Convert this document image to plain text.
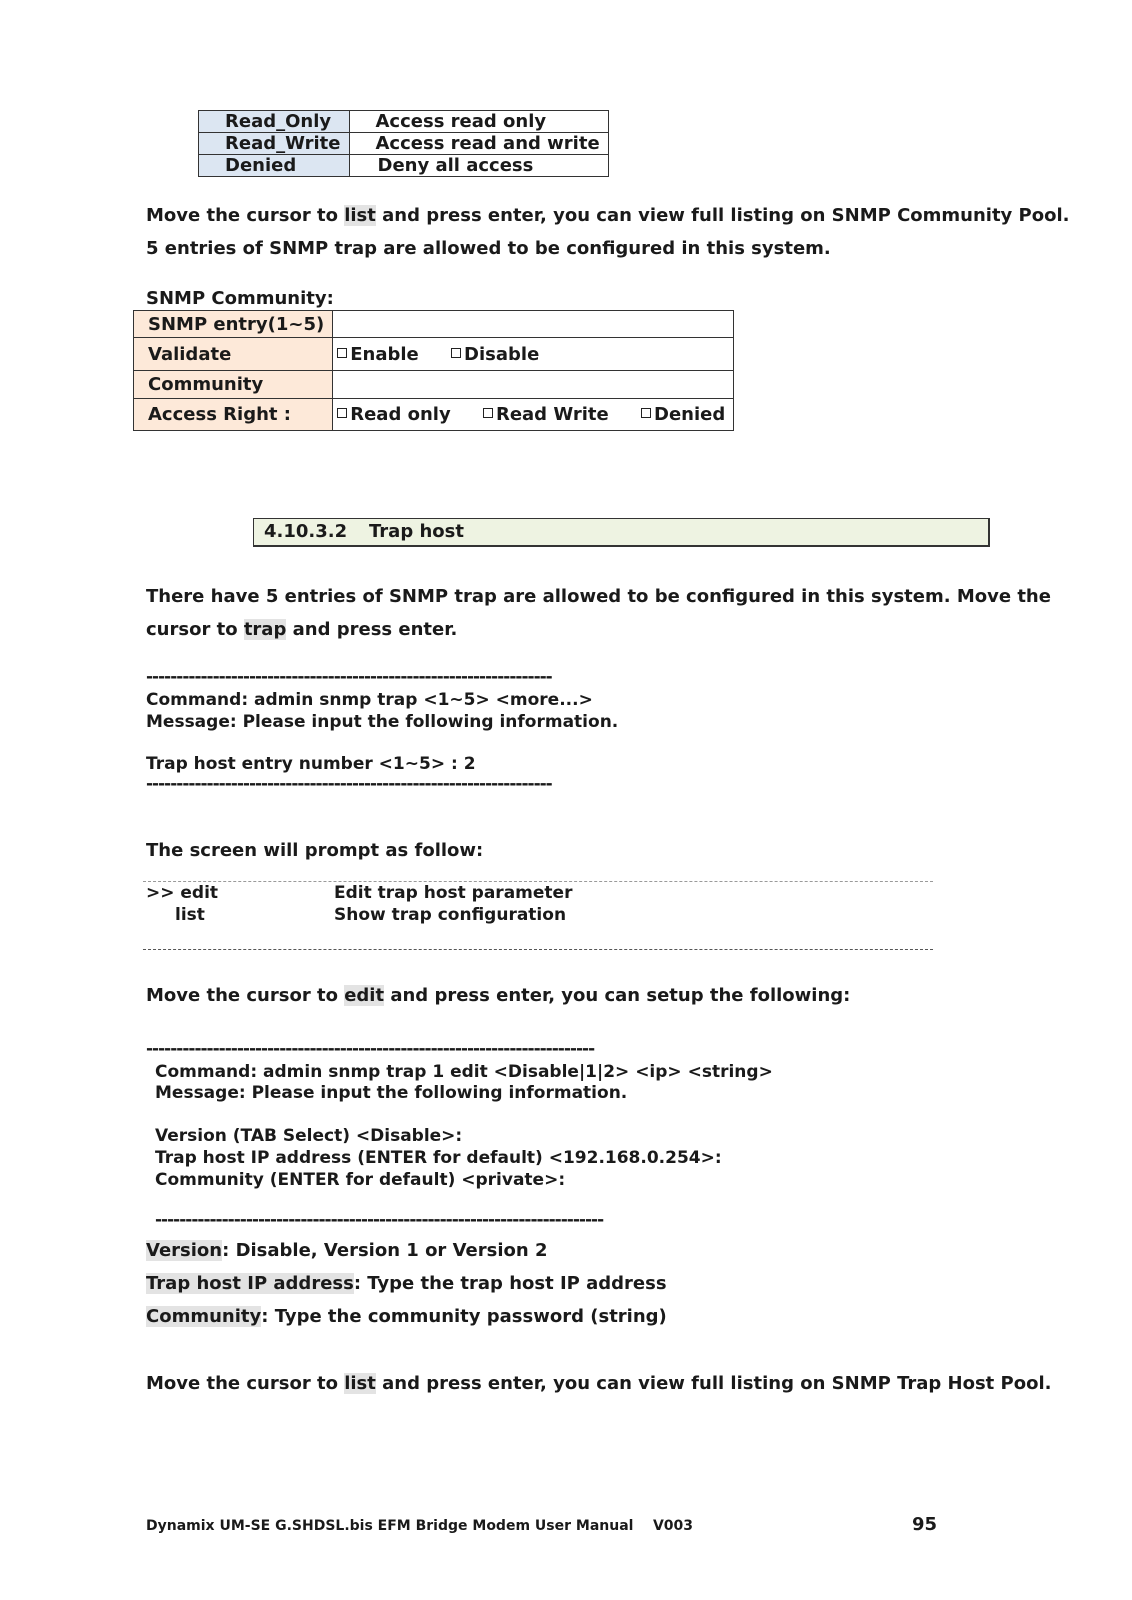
Read_Only	Access read only
Read_Write	Access read and write
Denied	Deny all access
Move the cursor to list and press enter, you can view full listing on SNMP Community Pool.
5 entries of SNMP trap are allowed to be configured in this system.
SNMP Community:
SNMP entry(1~5)	
Validate	Enable Disable
Community	
Access Right :	Read only Read Write Denied
4.10.3.2 Trap host
There have 5 entries of SNMP trap are allowed to be configured in this system. Move the
cursor to trap and press enter.
-------------------------------------------------------------------
Command: admin snmp trap <1~5> <more...>
Message: Please input the following information.
Trap host entry number <1~5> : 2
-------------------------------------------------------------------
The screen will prompt as follow:
>> edit	Edit trap host parameter
list	Show trap configuration
Move the cursor to edit and press enter, you can setup the following:
--------------------------------------------------------------------------
Command: admin snmp trap 1 edit <Disable|1|2> <ip> <string>
Message: Please input the following information.
Version (TAB Select) <Disable>:
Trap host IP address (ENTER for default) <192.168.0.254>:
Community (ENTER for default) <private>:
--------------------------------------------------------------------------
Version: Disable, Version 1 or Version 2
Trap host IP address: Type the trap host IP address
Community: Type the community password (string)
Move the cursor to list and press enter, you can view full listing on SNMP Trap Host Pool.
Dynamix UM-SE G.SHDSL.bis EFM Bridge Modem User Manual V003	95
